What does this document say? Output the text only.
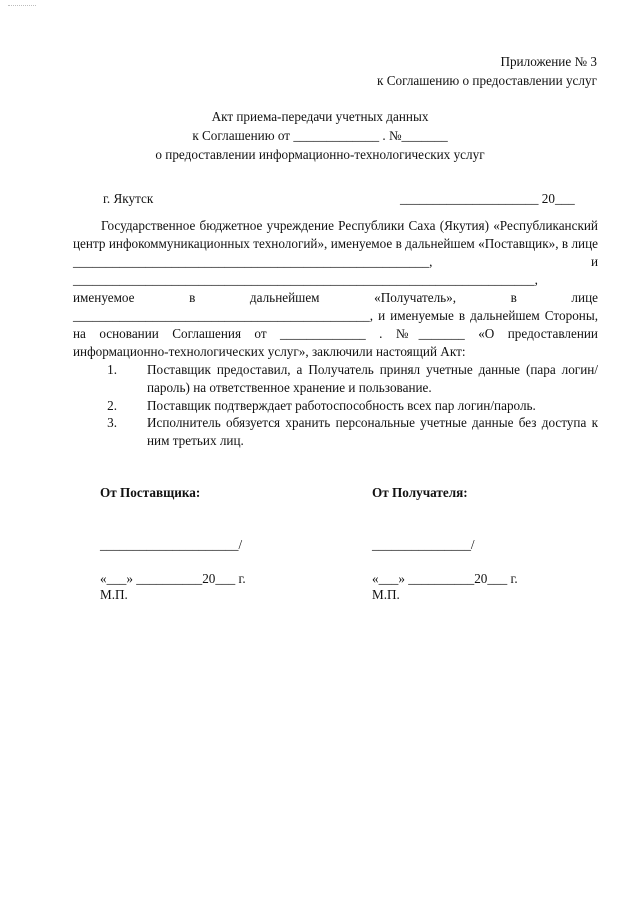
Приложение № 3
к Соглашению о предоставлении услуг
Акт приема-передачи учетных данных
к Соглашению от _____________ . №_______
о предоставлении информационно-технологических услуг
г. Якутск	_____________________ 20___

Государственное бюджетное учреждение Республики Саха (Якутия) «Республиканский центр инфокоммуникационных технологий», именуемое в дальнейшем «Поставщик», в лице ______________________________________________________, и ______________________________________________________________________, именуемое в дальнейшем «Получатель», в лице _____________________________________________, и именуемые в дальнейшем Стороны, на основании Соглашения от _____________ . №_______ «О предоставлении информационно-технологических услуг», заключили настоящий Акт:

1.	Поставщик предоставил, а Получатель принял учетные данные (пара логин/пароль) на ответственное хранение и пользование.
2.	Поставщик подтверждает работоспособность всех пар логин/пароль.
3.	Исполнитель обязуется хранить персональные учетные данные без доступа к ним третьих лиц.
От Поставщика:
_____________________/
«___» __________20___ г.
М.П.
От Получателя:
_______________/
«___» __________20___ г.
М.П.
